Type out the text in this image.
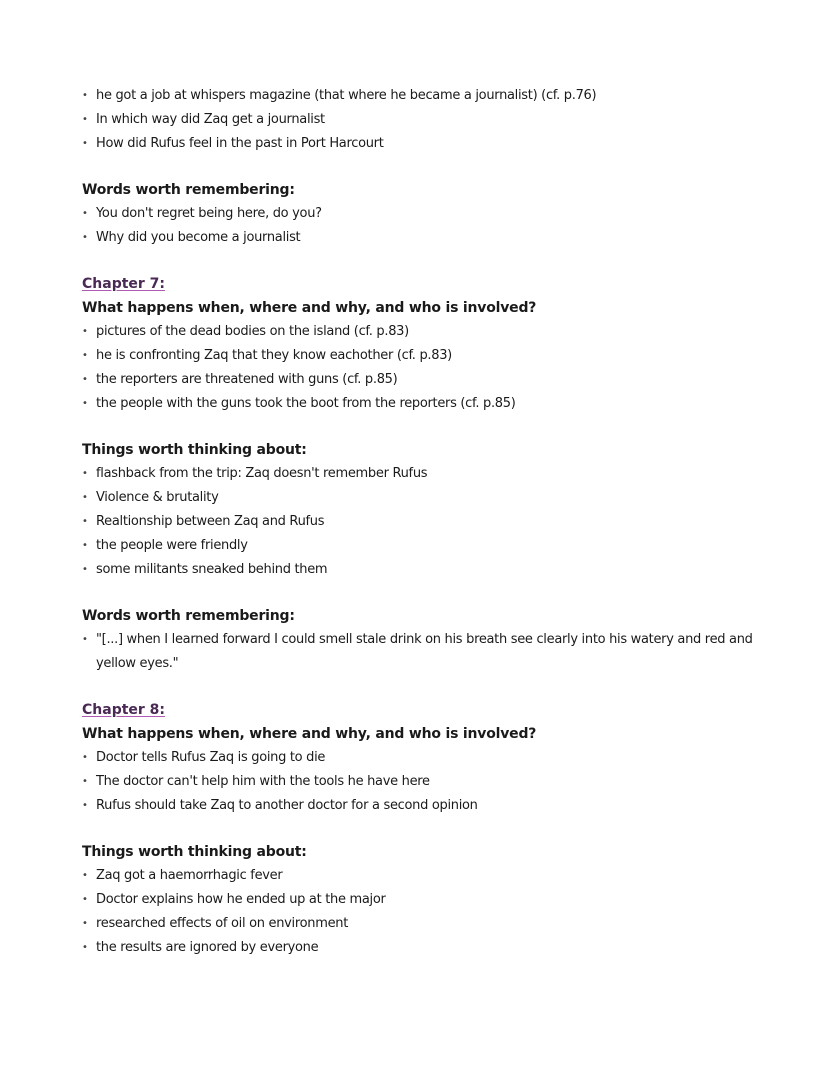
• he got a job at whispers magazine (that where he became a journalist) (cf. p.76)
• In which way did Zaq get a journalist
• How did Rufus feel in the past in Port Harcourt

Words worth remembering:

• You don't regret being here, do you?
• Why did you become a journalist

Chapter 7:

What happens when, where and why, and who is involved?

• pictures of the dead bodies on the island (cf. p.83)
• he is confronting Zaq that they know eachother (cf. p.83)
• the reporters are threatened with guns (cf. p.85)
• the people with the guns took the boot from the reporters (cf. p.85)

Things worth thinking about:

• flashback from the trip: Zaq doesn't remember Rufus
• Violence & brutality
• Realtionship between Zaq and Rufus
• the people were friendly
• some militants sneaked behind them

Words worth remembering:

• "[...] when I learned forward I could smell stale drink on his breath see clearly into his watery and red and yellow eyes."

Chapter 8:

What happens when, where and why, and who is involved?

• Doctor tells Rufus Zaq is going to die
• The doctor can't help him with the tools he have here
• Rufus should take Zaq to another doctor for a second opinion

Things worth thinking about:

• Zaq got a haemorrhagic fever
• Doctor explains how he ended up at the major
• researched effects of oil on environment
• the results are ignored by everyone
